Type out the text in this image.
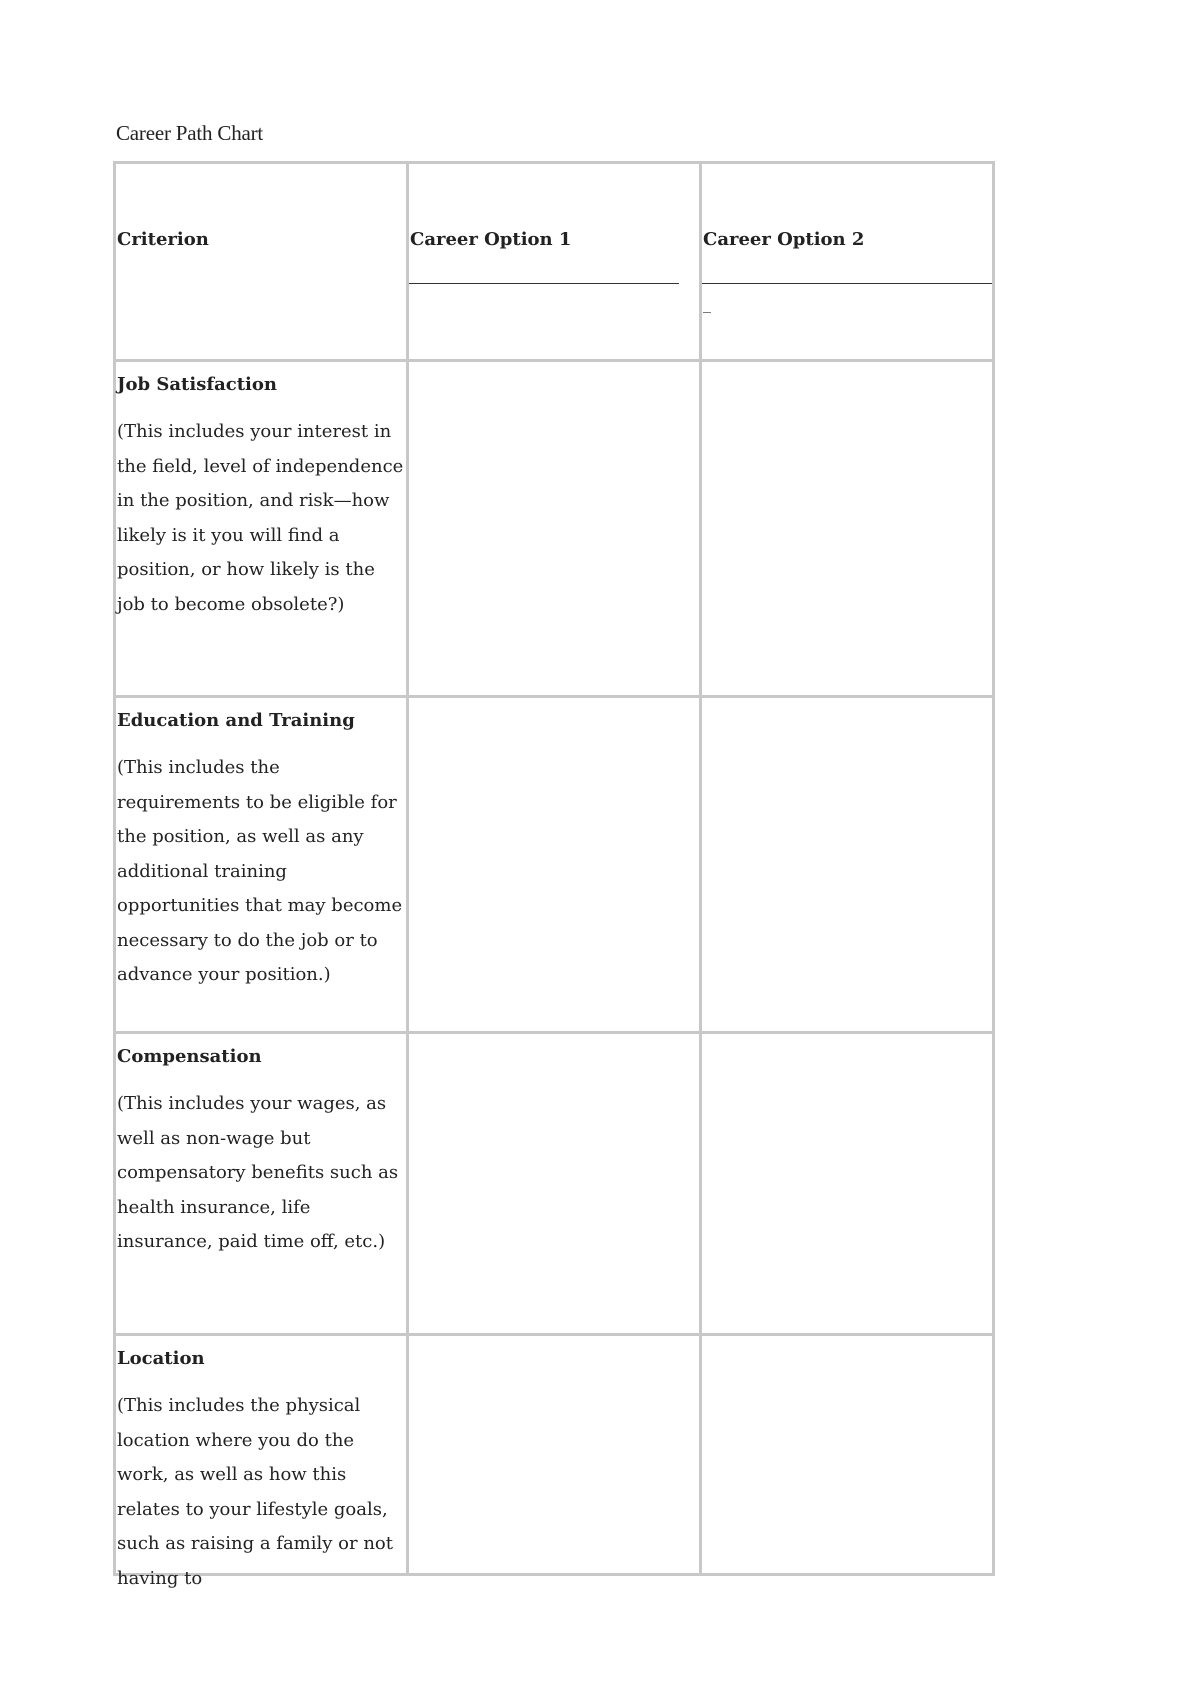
Career Path Chart
Criterion	Career Option 1	Career Option 2
_

Job Satisfaction
(This includes your interest in the field, level of independence in the position, and risk—how likely is it you will find a position, or how likely is the job to become obsolete?)		

Education and Training
(This includes the requirements to be eligible for the position, as well as any additional training opportunities that may become necessary to do the job or to advance your position.)		

Compensation
(This includes your wages, as well as non-wage but compensatory benefits such as health insurance, life insurance, paid time off, etc.)		

Location
(This includes the physical location where you do the work, as well as how this relates to your lifestyle goals, such as raising a family or not having to		
